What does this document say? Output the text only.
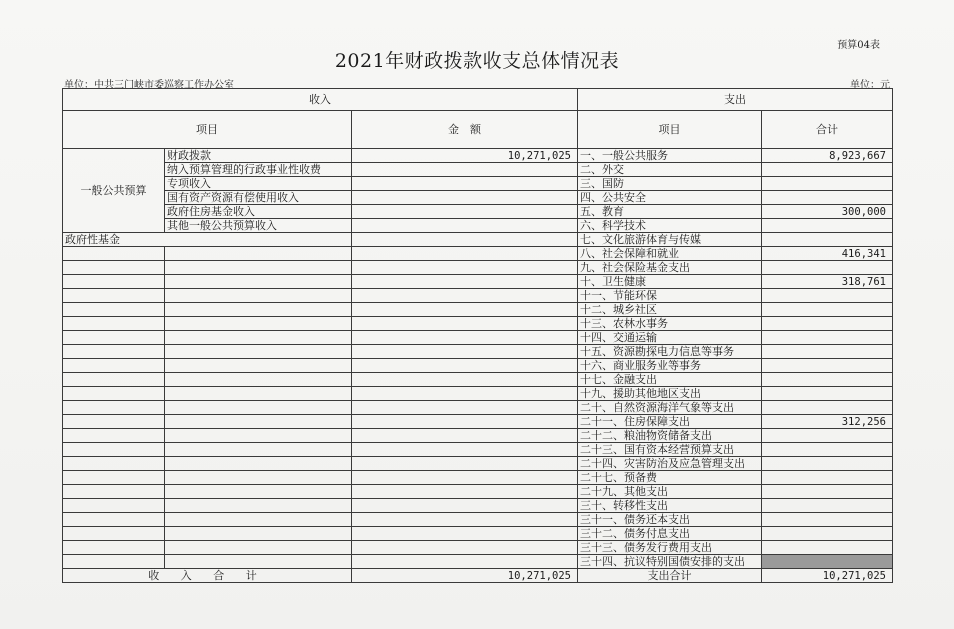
预算04表
2021年财政拨款收支总体情况表
单位：中共三门峡市委巡察工作办公室	单位：元
收入			支出	
项目		金　额	项目	合计
一般公共预算	财政拨款	10,271,025	一、一般公共服务	8,923,667
	纳入预算管理的行政事业性收费		二、外交	
	专项收入		三、国防	
	国有资产资源有偿使用收入		四、公共安全	
	政府住房基金收入		五、教育	300,000
	其他一般公共预算收入		六、科学技术	
政府性基金			七、文化旅游体育与传媒	
			八、社会保障和就业	416,341
			九、社会保险基金支出	
			十、卫生健康	318,761
			十一、节能环保	
			十二、城乡社区	
			十三、农林水事务	
			十四、交通运输	
			十五、资源勘探电力信息等事务	
			十六、商业服务业等事务	
			十七、金融支出	
			十九、援助其他地区支出	
			二十、自然资源海洋气象等支出	
			二十一、住房保障支出	312,256
			二十二、粮油物资储备支出	
			二十三、国有资本经营预算支出	
			二十四、灾害防治及应急管理支出	
			二十七、预备费	
			二十九、其他支出	
			三十、转移性支出	
			三十一、债务还本支出	
			三十二、债务付息支出	
			三十三、债务发行费用支出	
			三十四、抗议特别国债安排的支出	
收 入 合 计		10,271,025	支出合计	10,271,025
